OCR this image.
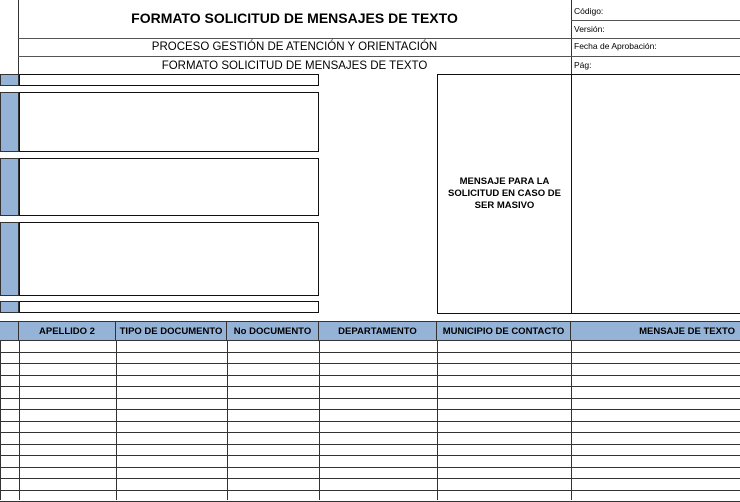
FORMATO SOLICITUD DE MENSAJES DE TEXTO
PROCESO GESTIÓN DE ATENCIÓN Y ORIENTACIÓN
FORMATO SOLICITUD DE MENSAJES DE TEXTO
Código:
Versión:
Fecha de Aprobación:
Pág:
MENSAJE PARA LA SOLICITUD EN CASO DE SER MASIVO
APELLIDO 2	TIPO DE DOCUMENTO	No DOCUMENTO	DEPARTAMENTO	MUNICIPIO DE CONTACTO	MENSAJE DE TEXTO
